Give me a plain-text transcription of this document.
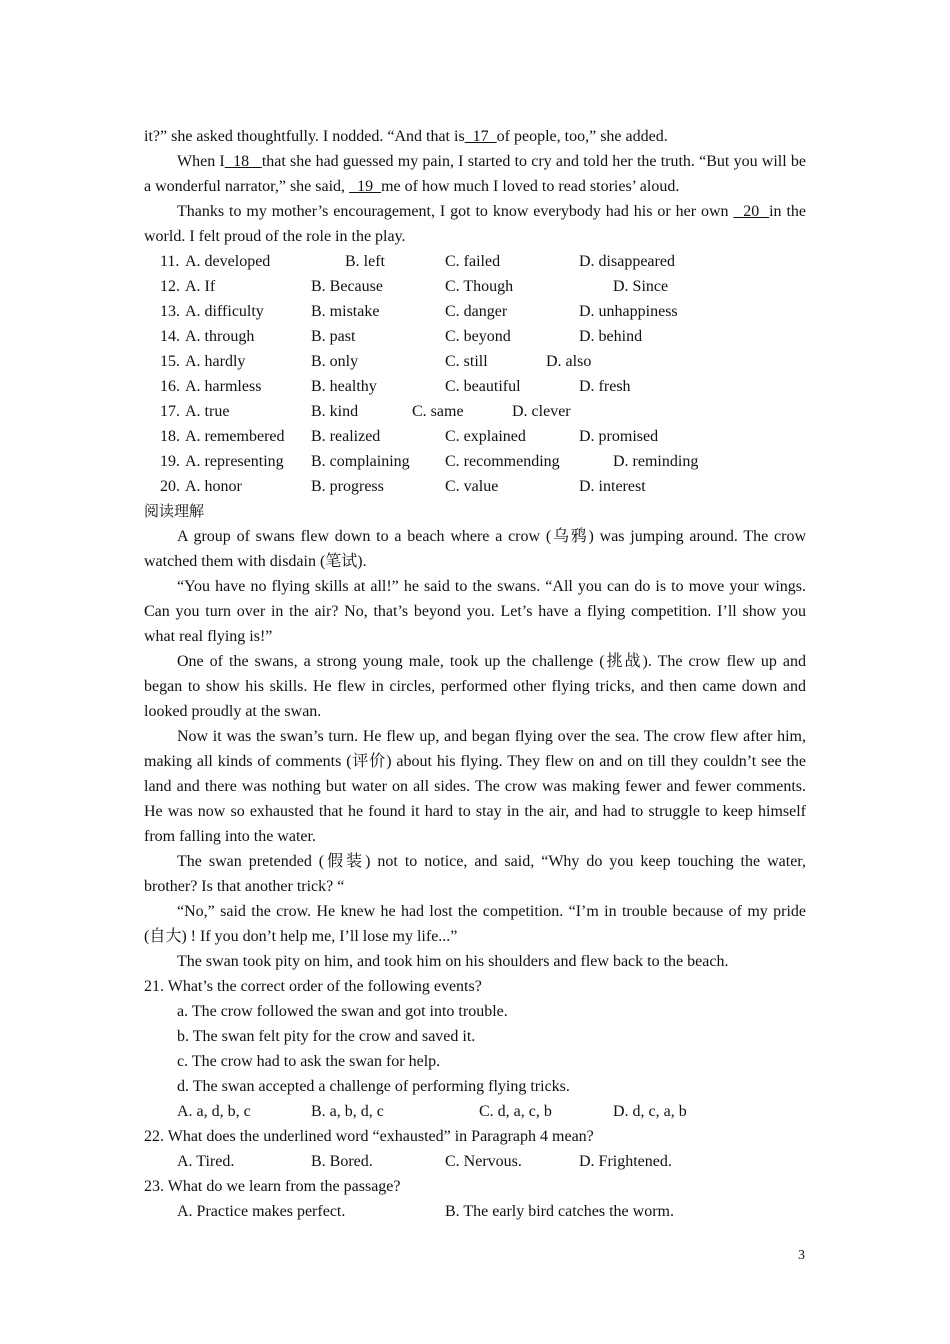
it?” she asked thoughtfully. I nodded. “And that is  17  of people, too,” she added.
When I  18   that she had guessed my pain, I started to cry and told her the truth. “But you will be a wonderful narrator,” she said,   19  me of how much I loved to read stories’ aloud.
Thanks to my mother’s encouragement, I got to know everybody had his or her own   20  in the world. I felt proud of the role in the play.
11. A. developed	B. left	C. failed	D. disappeared
12. A. If	B. Because	C. Though	D. Since
13. A. difficulty	B. mistake	C. danger	D. unhappiness
14. A. through	B. past	C. beyond	D. behind
15. A. hardly	B. only	C. still	D. also
16. A. harmless	B. healthy	C. beautiful	D. fresh
17. A. true	B. kind	C. same	D. clever
18. A. remembered B. realized	C. explained	D. promised
19. A. representing B. complaining C. recommending	D. reminding
20. A. honor	B. progress	C. value	D. interest
阅读理解
A group of swans flew down to a beach where a crow (乌鸦) was jumping around. The crow watched them with disdain (笔试).
“You have no flying skills at all!” he said to the swans. “All you can do is to move your wings. Can you turn over in the air? No, that’s beyond you. Let’s have a flying competition. I’ll show you what real flying is!”
One of the swans, a strong young male, took up the challenge (挑战). The crow flew up and began to show his skills. He flew in circles, performed other flying tricks, and then came down and looked proudly at the swan.
Now it was the swan’s turn. He flew up, and began flying over the sea. The crow flew after him, making all kinds of comments (评价) about his flying. They flew on and on till they couldn’t see the land and there was nothing but water on all sides. The crow was making fewer and fewer comments. He was now so exhausted that he found it hard to stay in the air, and had to struggle to keep himself from falling into the water.
The swan pretended (假装) not to notice, and said, “Why do you keep touching the water, brother? Is that another trick? “
“No,” said the crow. He knew he had lost the competition. “I’m in trouble because of my pride (自大) ! If you don’t help me, I’ll lose my life...”
The swan took pity on him, and took him on his shoulders and flew back to the beach.
21. What’s the correct order of the following events?
a. The crow followed the swan and got into trouble.
b. The swan felt pity for the crow and saved it.
c. The crow had to ask the swan for help.
d. The swan accepted a challenge of performing flying tricks.
A. a, d, b, c	B. a, b, d, c	C. d, a, c, b	D. d, c, a, b
22. What does the underlined word “exhausted” in Paragraph 4 mean?
A. Tired.	B. Bored.	C. Nervous.	D. Frightened.
23. What do we learn from the passage?
A. Practice makes perfect.	B. The early bird catches the worm.
3
